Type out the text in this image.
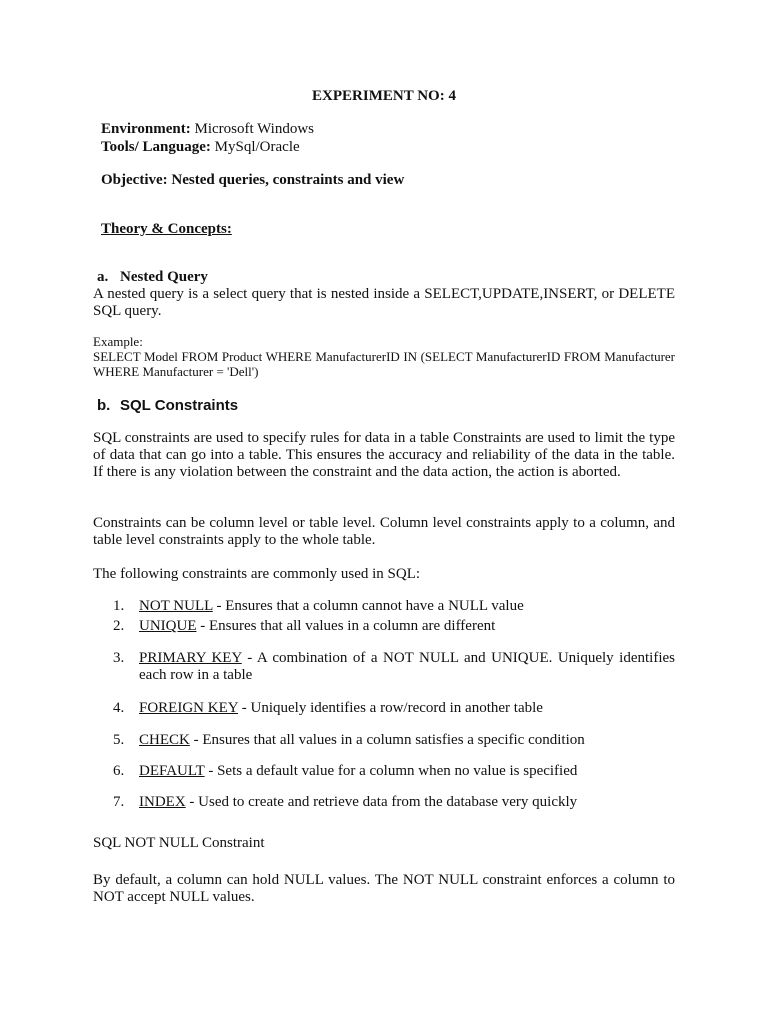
EXPERIMENT NO: 4
Environment: Microsoft Windows
Tools/ Language: MySql/Oracle
Objective: Nested queries, constraints and view
Theory & Concepts:
a. Nested Query
A nested query is a select query that is nested inside a SELECT,UPDATE,INSERT, or DELETE SQL query.
Example:
SELECT Model FROM Product WHERE ManufacturerID IN (SELECT ManufacturerID FROM Manufacturer WHERE Manufacturer = 'Dell')
b. SQL Constraints
SQL constraints are used to specify rules for data in a table Constraints are used to limit the type of data that can go into a table. This ensures the accuracy and reliability of the data in the table. If there is any violation between the constraint and the data action, the action is aborted.
Constraints can be column level or table level. Column level constraints apply to a column, and table level constraints apply to the whole table.
The following constraints are commonly used in SQL:
1. NOT NULL - Ensures that a column cannot have a NULL value
2. UNIQUE - Ensures that all values in a column are different
3. PRIMARY KEY - A combination of a NOT NULL and UNIQUE. Uniquely identifies each row in a table
4. FOREIGN KEY - Uniquely identifies a row/record in another table
5. CHECK - Ensures that all values in a column satisfies a specific condition
6. DEFAULT - Sets a default value for a column when no value is specified
7. INDEX - Used to create and retrieve data from the database very quickly
SQL NOT NULL Constraint
By default, a column can hold NULL values. The NOT NULL constraint enforces a column to NOT accept NULL values.
